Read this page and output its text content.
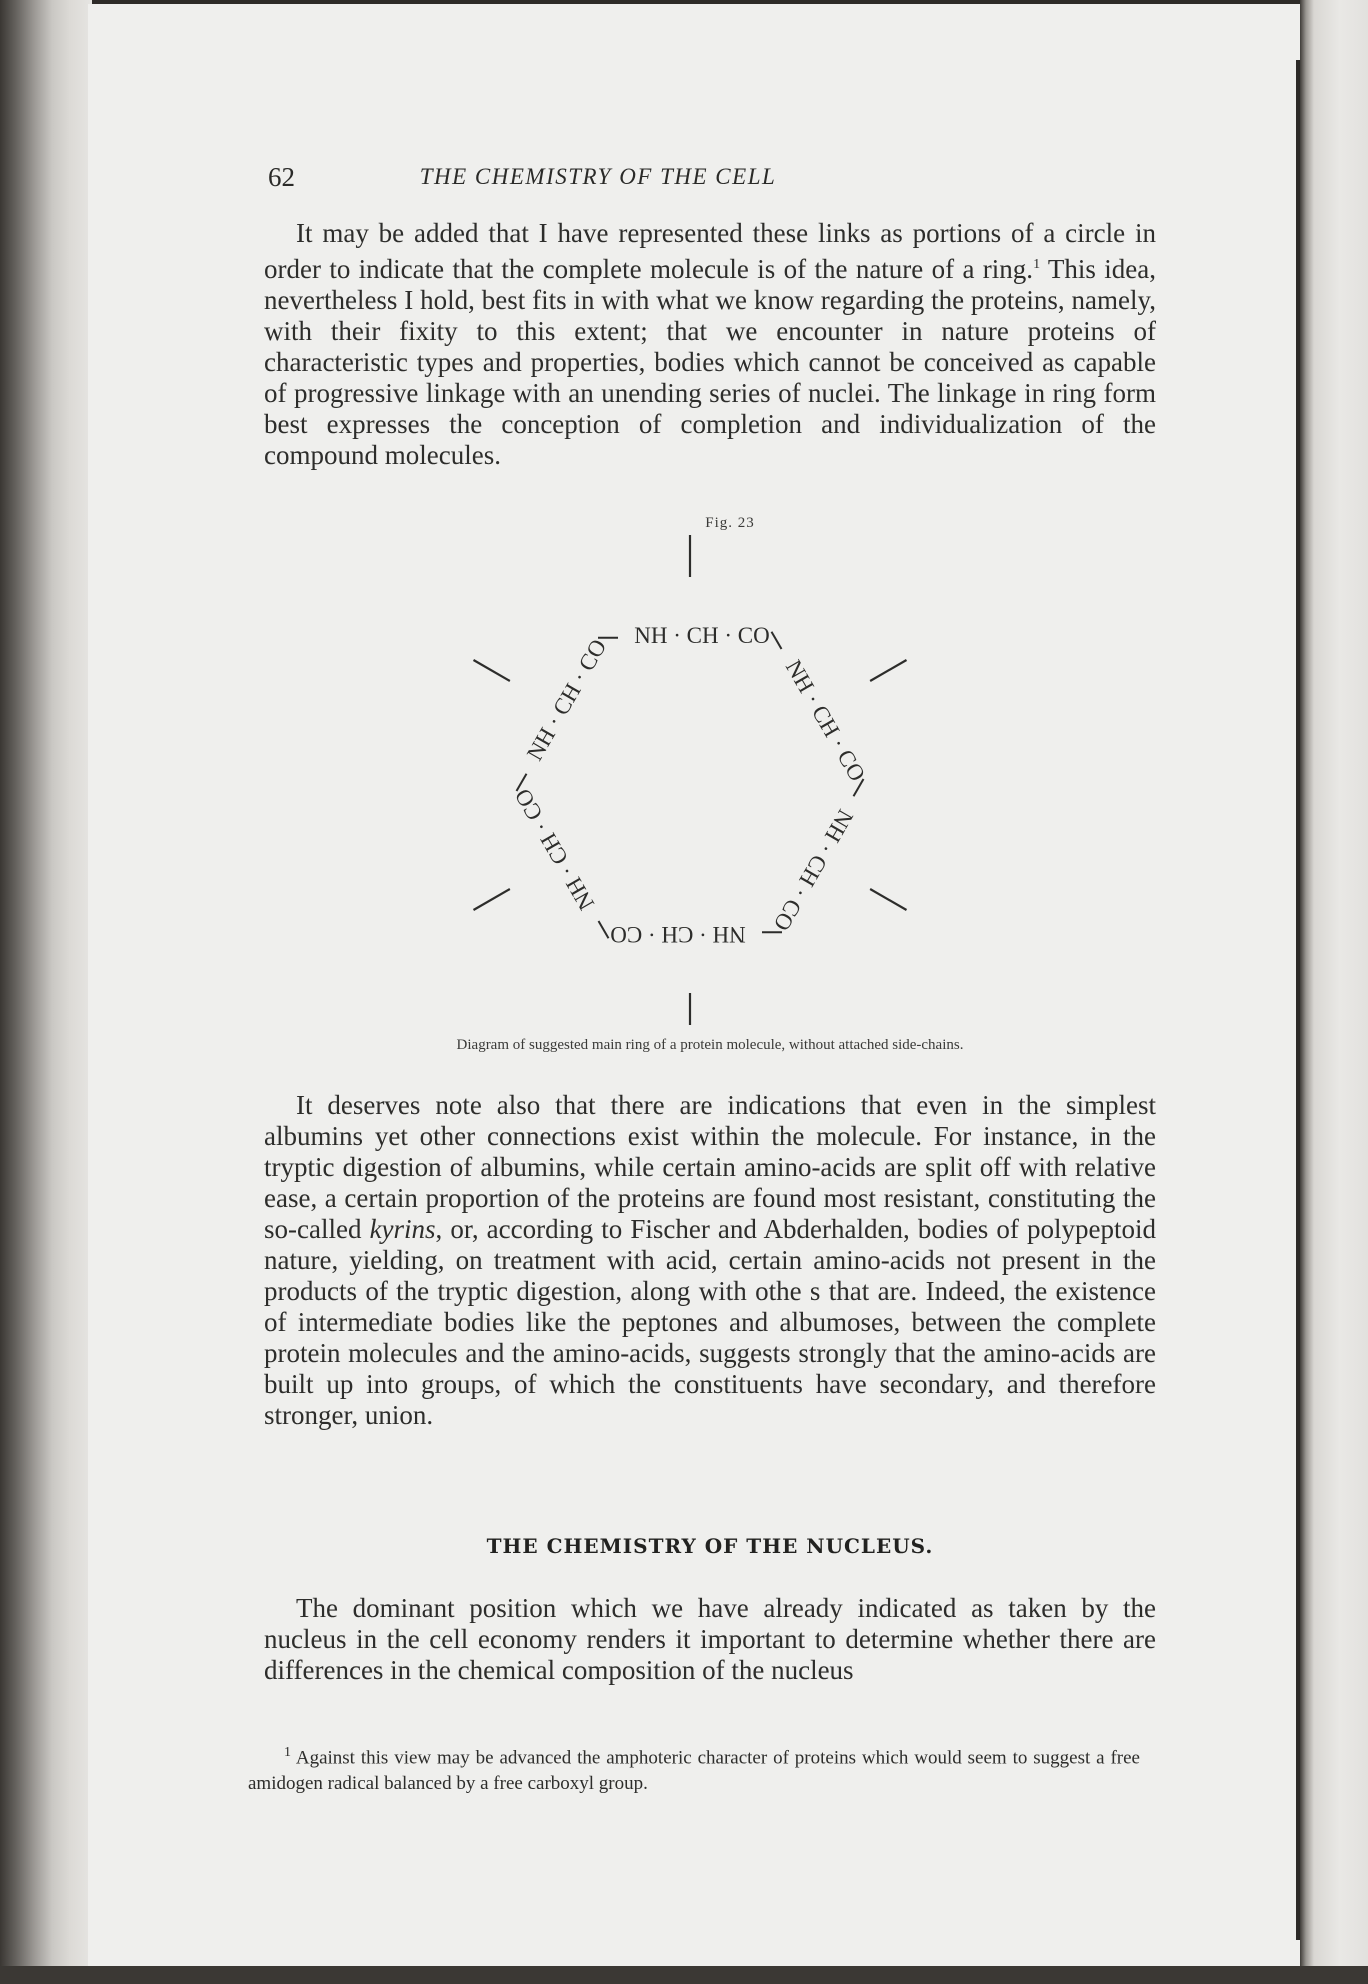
62	THE CHEMISTRY OF THE CELL

It may be added that I have represented these links as portions of a circle in order to indicate that the complete molecule is of the nature of a ring.$^1$ This idea, nevertheless I hold, best fits in with what we know regarding the proteins, namely, with their fixity to this extent; that we encounter in nature proteins of characteristic types and properties, bodies which cannot be conceived as capable of progressive linkage with an unending series of nuclei. The linkage in ring form best expresses the conception of completion and individualization of the compound molecules.

Fig. 23
NH · CH · CO
NH · CH · CO
NH · CH · CO
NH · CH · CO
NH · CH · CO
NH · CH · CO
Diagram of suggested main ring of a protein molecule, without attached side-chains.

It deserves note also that there are indications that even in the simplest albumins yet other connections exist within the molecule. For instance, in the tryptic digestion of albumins, while certain amino-acids are split off with relative ease, a certain proportion of the proteins are found most resistant, constituting the so-called kyrins, or, according to Fischer and Abderhalden, bodies of polypeptoid nature, yielding, on treatment with acid, certain amino-acids not present in the products of the tryptic digestion, along with othe s that are. Indeed, the existence of intermediate bodies like the peptones and albumoses, between the complete protein molecules and the amino-acids, suggests strongly that the amino-acids are built up into groups, of which the constituents have secondary, and therefore stronger, union.

THE CHEMISTRY OF THE NUCLEUS.

The dominant position which we have already indicated as taken by the nucleus in the cell economy renders it important to determine whether there are differences in the chemical composition of the nucleus

$^1$ Against this view may be advanced the amphoteric character of proteins which would seem to suggest a free amidogen radical balanced by a free carboxyl group.
